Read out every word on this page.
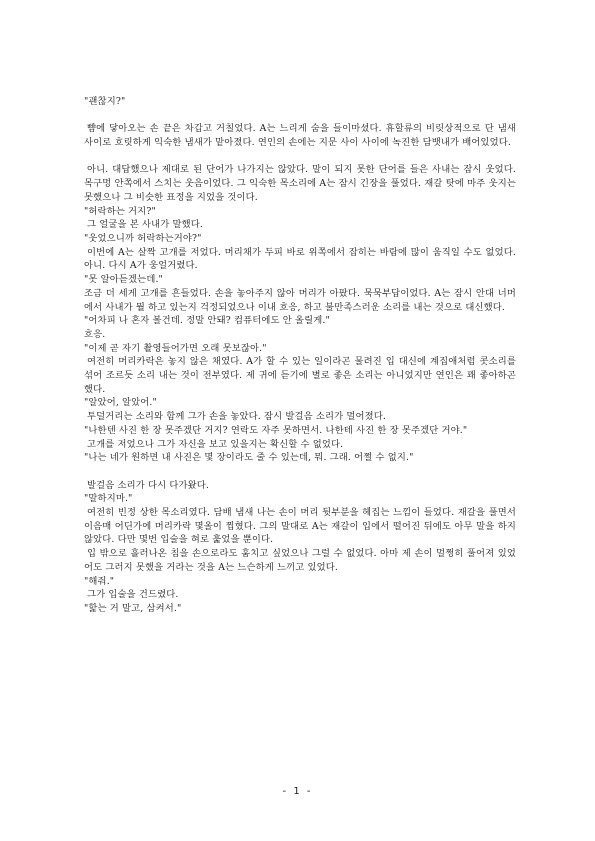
"괜찮지?"

뺨에 닿아오는 손 끝은 차갑고 거칠었다. A는 느리게 숨을 들이마셨다. 휴할류의 비릿상적으로 단 냄새 사이로 흐릿하게 익숙한 냄새가 맡아졌다. 연인의 손에는 지문 사이 사이에 녹진한 담뱃내가 배어있었다.

아니. 대답했으나 제대로 된 단어가 나가지는 않았다. 말이 되지 못한 단어를 들은 사내는 잠시 웃었다. 목구멍 안쪽에서 스치는 웃음이었다. 그 익숙한 목소리에 A는 잠시 긴장을 풀었다. 재갈 탓에 마주 웃지는 못했으나 그 비슷한 표정을 지었을 것이다.

"허락하는 거지?"

그 얼굴을 본 사내가 말했다.

"웃었으니까 허락하는거야?"

이번에 A는 살짝 고개를 저었다. 머리채가 두피 바로 위쪽에서 잡히는 바람에 많이 움직일 수도 없었다. 아니. 다시 A가 웅얼거렸다.

"못 알아듣겠는데."

조금 더 세게 고개를 흔들었다. 손을 놓아주지 않아 머리가 아팠다. 묵묵부답이었다. A는 잠시 안대 너머에서 사내가 뭘 하고 있는지 걱정되었으나 이내 흐응, 하고 불만족스러운 소리를 내는 것으로 대신했다.

"어차피 나 혼자 볼건데. 정말 안돼? 컴퓨터에도 안 올릴게."

흐응.

"이제 곧 자기 촬영들어가면 오래 못보잖아."

여전히 머리카락은 놓지 않은 채였다. A가 할 수 있는 일이라곤 물려진 입 대신에 계집애처럼 콧소리를 섞어 조르듯 소리 내는 것이 전부였다. 제 귀에 듣기에 별로 좋은 소리는 아니었지만 연인은 꽤 좋아하곤 했다.

"알았어, 알았어."

투덜거리는 소리와 함께 그가 손을 놓았다. 잠시 발걸음 소리가 멀어졌다.

"나한텐 사진 한 장 못주겠단 거지? 연락도 자주 못하면서. 나한테 사진 한 장 못주겠단 거야."

고개를 저었으나 그가 자신을 보고 있을지는 확신할 수 없었다.

"나는 네가 원하면 내 사진은 몇 장이라도 줄 수 있는데, 뭐. 그래. 어쩔 수 없지."

발걸음 소리가 다시 다가왔다.

"말하지마."

여전히 빈정 상한 목소리였다. 담배 냄새 나는 손이 머리 뒷부분을 헤집는 느낌이 들었다. 재갈을 풀면서 이음매 어딘가에 머리카락 몇올이 찝혔다. 그의 말대로 A는 재갈이 입에서 떨어진 뒤에도 아무 말을 하지 않았다. 다만 몇번 입술을 혀로 훑었을 뿐이다.

입 밖으로 흘러나온 침을 손으로라도 훔치고 싶었으나 그럴 수 없었다. 아마 제 손이 멀쩡히 풀어져 있었어도 그러지 못했을 거라는 것을 A는 느슨하게 느끼고 있었다.

"해줘."

그가 입술을 건드렸다.

"핥는 거 말고, 삼켜서."

- 1 -
